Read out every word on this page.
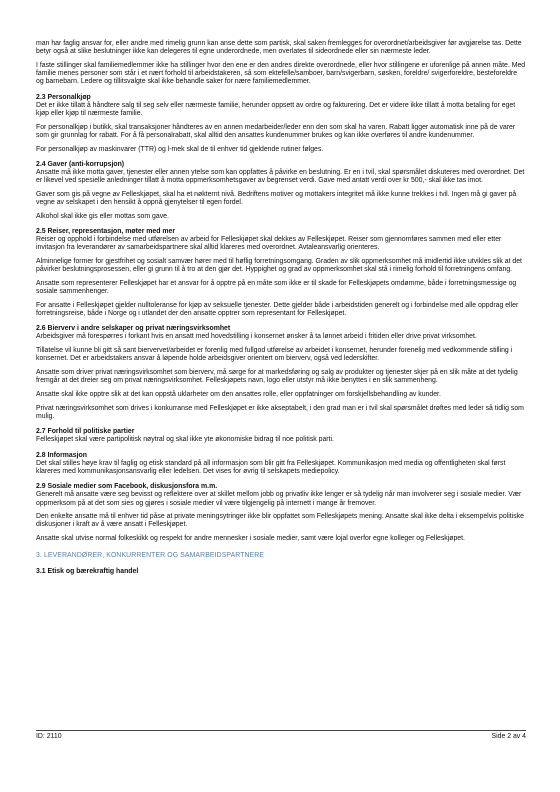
man har faglig ansvar for, eller andre med rimelig grunn kan anse dette som partisk, skal saken fremlegges for overordnet/arbeidsgiver før avgjørelse tas. Dette betyr også at slike beslutninger ikke kan delegeres til egne underordnede, men overlates til sideordnede eller sin nærmeste leder.

I faste stillinger skal familiemedlemmer ikke ha stillinger hvor den ene er den andres direkte overordnede, eller hvor stillingene er uforenlige på annen måte. Med familie menes personer som står i et nært forhold til arbeidstakeren, så som ektefelle/samboer, barn/svigerbarn, søsken, foreldre/ svigerforeldre, besteforeldre og barnebarn. Ledere og tillitsvalgte skal ikke behandle saker for nære familiemedlemmer.

2.3 Personalkjøp

Det er ikke tillatt å håndtere salg til seg selv eller nærmeste familie, herunder oppsett av ordre og fakturering. Det er videre ikke tillatt å motta betaling for eget kjøp eller kjøp til nærmeste familie.

For personalkjøp i butikk, skal transaksjoner håndteres av en annen medarbeider/leder enn den som skal ha varen. Rabatt ligger automatisk inne på de varer som gir grunnlag for rabatt. For å få personalrabatt, skal alltid den ansattes kundenummer brukes og kan ikke overføres til andre kundenummer.

For personalkjøp av maskinvarer (TTR) og l-mek skal de til enhver tid gjeldende rutiner følges.

2.4 Gaver (anti-korrupsjon)

Ansatte må ikke motta gaver, tjenester eller annen ytelse som kan oppfattes å påvirke en beslutning. Er en i tvil, skal spørsmålet diskuteres med overordnet. Det er likevel ved spesielle anledninger tillatt å motta oppmerksomhetsgaver av begrenset verdi. Gave med antatt verdi over kr 500,- skal ikke tas imot.

Gaver som gis på vegne av Felleskjøpet, skal ha et nøkternt nivå. Bedriftens motiver og mottakers integritet må ikke kunne trekkes i tvil. Ingen må gi gaver på vegne av selskapet i den hensikt å oppnå gjenytelser til egen fordel.

Alkohol skal ikke gis eller mottas som gave.

2.5 Reiser, representasjon, møter med mer

Reiser og opphold i forbindelse med utførelsen av arbeid for Felleskjøpet skal dekkes av Felleskjøpet. Reiser som gjennomføres sammen med eller etter invitasjon fra leverandører av samarbeidspartnere skal alltid klareres med overordnet. Avtaleansvarlig orienteres.

Alminnelige former for gjestfrihet og sosialt samvær hører med til høflig forretningsomgang. Graden av slik oppmerksomhet må imidlertid ikke utvikles slik at det påvirker beslutningsprosessen, eller gi grunn til å tro at den gjør det. Hyppighet og grad av oppmerksomhet skal stå i rimelig forhold til forretningens omfang.

Ansatte som representerer Felleskjøpet har et ansvar for å opptre på en måte som ikke er til skade for Felleskjøpets omdømme, både i forretningsmessige og sosiale sammenhenger.

For ansatte i Felleskjøpet gjelder nulltoleranse for kjøp av seksuelle tjenester. Dette gjelder både i arbeidstiden generelt og i forbindelse med alle oppdrag eller forretningsreise, både i Norge og i utlandet der den ansatte opptrer som representant for Felleskjøpet.

2.6 Bierverv i andre selskaper og privat næringsvirksomhet

Arbeidsgiver må forespørres i forkant hvis en ansatt med hovedstilling i konsernet ønsker å ta lønnet arbeid i fritiden eller drive privat virksomhet.

Tillatelse vil kunne bli gitt så sant biervervet/arbeidet er forenlig med fullgod utførelse av arbeidet i konsernet, herunder forenelig med vedkommende stilling i konsernet. Det er arbeidstakers ansvar å løpende holde arbeidsgiver orientert om bierverv, også ved lederskifter.

Ansatte som driver privat næringsvirksomhet som bierverv, må sørge for at markedsføring og salg av produkter og tjenester skjer på en slik måte at det tydelig fremgår at det dreier seg om privat næringsvirksomhet. Felleskjøpets navn, logo eller utstyr må ikke benyttes i en slik sammenheng.

Ansatte skal ikke opptre slik at det kan oppstå uklarheter om den ansattes rolle, eller oppfatninger om forskjellsbehandling av kunder.

Privat næringsvirksomhet som drives i konkurranse med Felleskjøpet er ikke akseptabelt, i den grad man er i tvil skal spørsmålet drøftes med leder så tidlig som mulig.

2.7 Forhold til politiske partier

Felleskjøpet skal være partipolitisk nøytral og skal ikke yte økonomiske bidrag til noe politisk parti.

2.8 Informasjon

Det skal stilles høye krav til faglig og etisk standard på all informasjon som blir gitt fra Felleskjøpet. Kommunikasjon med media og offentligheten skal først klareres med kommunikasjonsansvarlig eller ledelsen. Det vises for øvrig til selskapets mediepolicy.

2.9 Sosiale medier som Facebook, diskusjonsfora m.m.

Generelt må ansatte være seg bevisst og reflektere over at skillet mellom jobb og privatliv ikke lenger er så tydelig når man involverer seg i sosiale medier. Vær oppmerksom på at det som sies og gjøres i sosiale medier vil være tilgjengelig på internett i mange år fremover.

Den enkelte ansatte må til enhver tid påse at private meningsytringer ikke blir oppfattet som Felleskjøpets mening. Ansatte skal ikke delta i eksempelvis politiske diskusjoner i kraft av å være ansatt i Felleskjøpet.

Ansatte skal utvise normal folkeskikk og respekt for andre mennesker i sosiale medier, samt være lojal overfor egne kolleger og Felleskjøpet.

3. LEVERANDØRER, KONKURRENTER OG SAMARBEIDSPARTNERE
3.1 Etisk og bærekraftig handel
ID: 2110	Side 2 av 4
